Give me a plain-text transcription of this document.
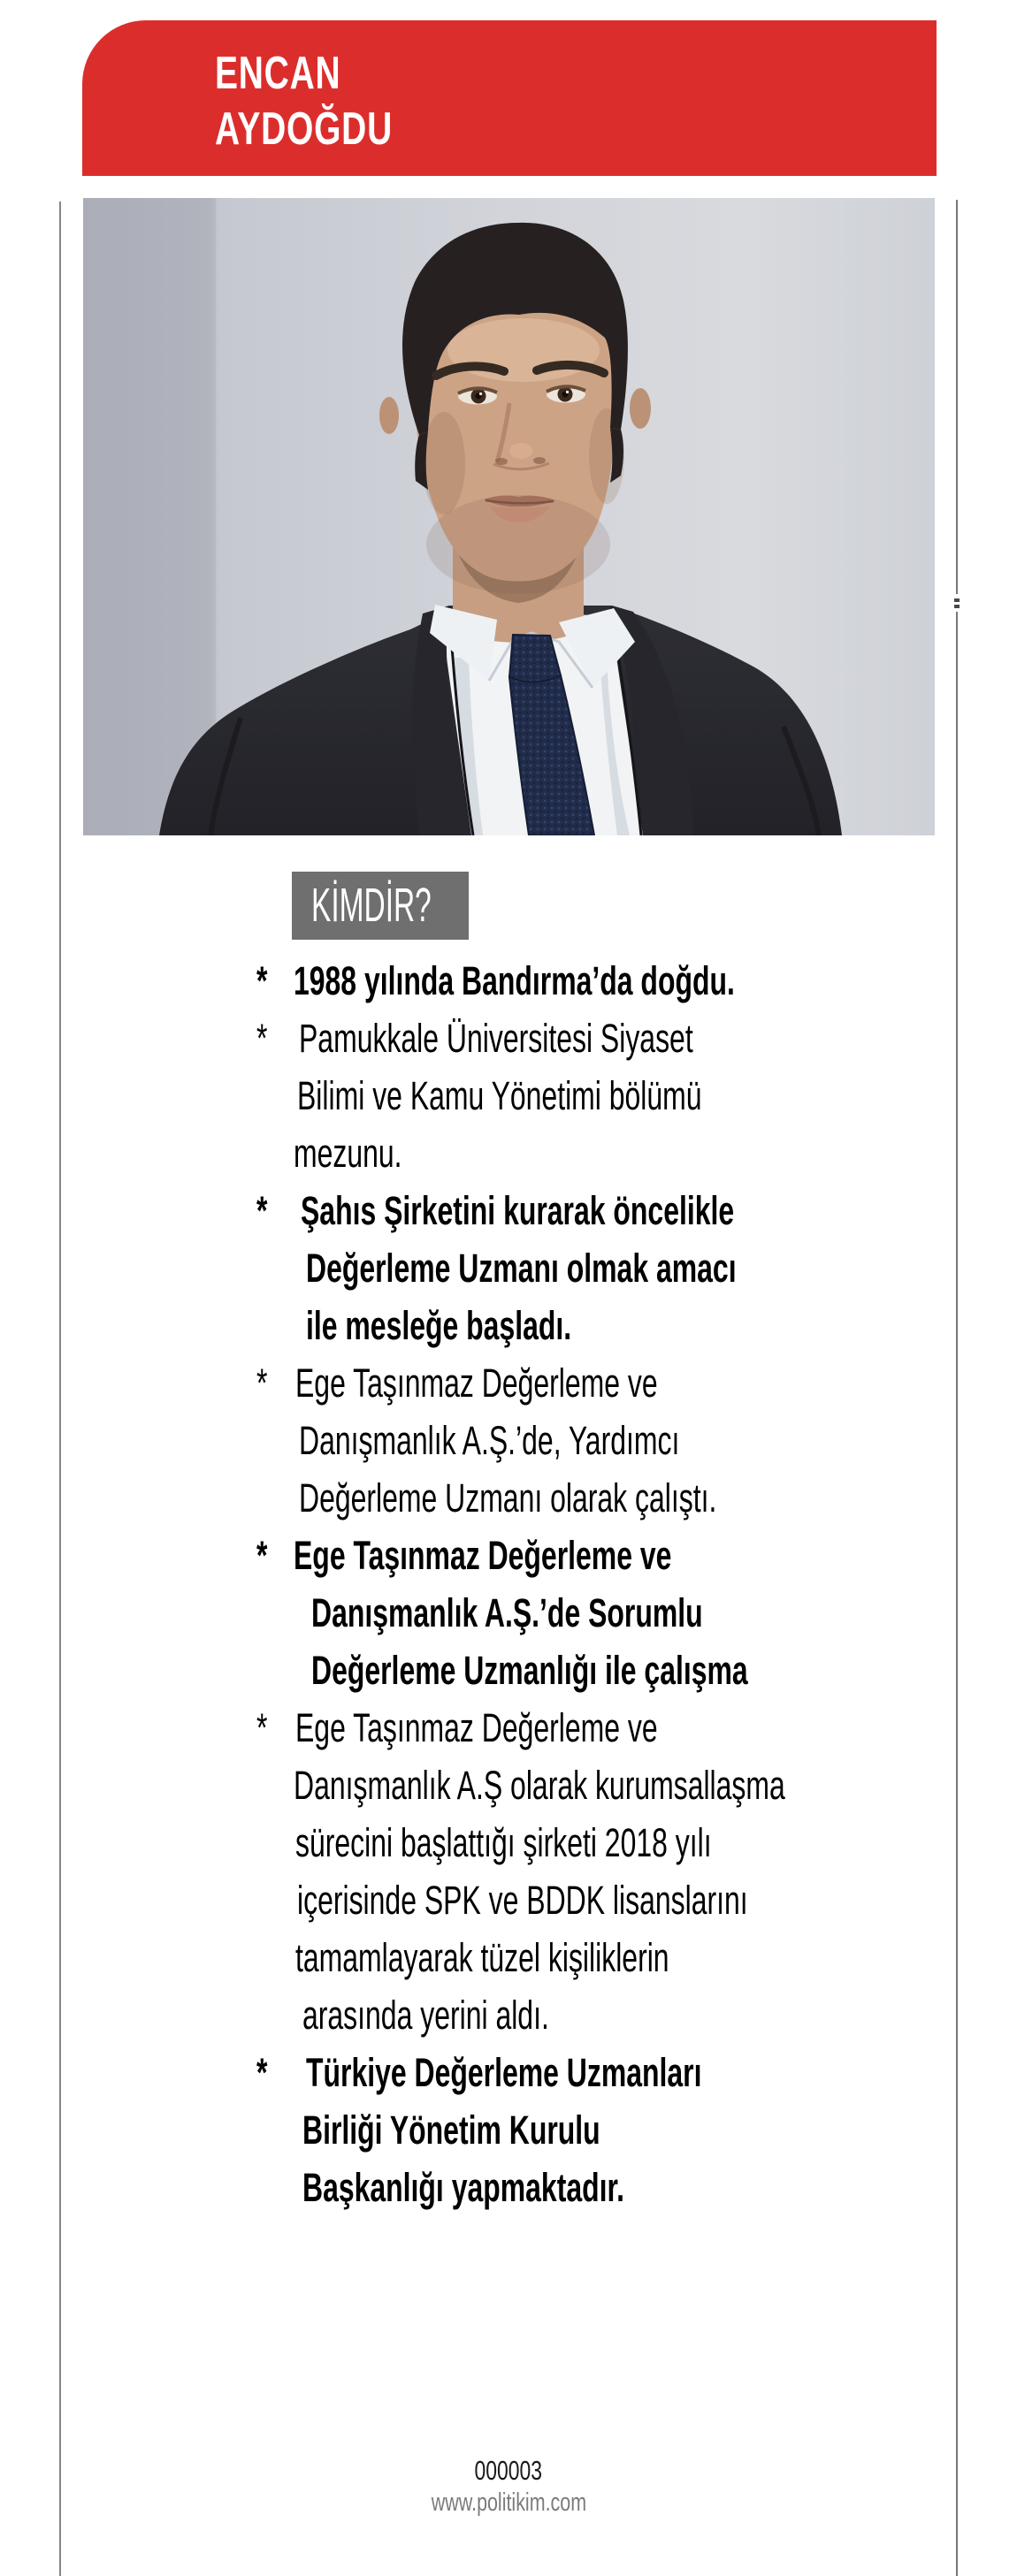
ENCAN
AYDOĞDU
KİMDİR?
* 1988 yılında Bandırma’da doğdu.
* Pamukkale Üniversitesi Siyaset
Bilimi ve Kamu Yönetimi bölümü
mezunu.
* Şahıs Şirketini kurarak öncelikle
Değerleme Uzmanı olmak amacı
ile mesleğe başladı.
* Ege Taşınmaz Değerleme ve
Danışmanlık A.Ş.’de, Yardımcı
Değerleme Uzmanı olarak çalıştı.
* Ege Taşınmaz Değerleme ve
Danışmanlık A.Ş.’de Sorumlu
Değerleme Uzmanlığı ile çalışma
* Ege Taşınmaz Değerleme ve
Danışmanlık A.Ş olarak kurumsallaşma
sürecini başlattığı şirketi 2018 yılı
içerisinde SPK ve BDDK lisanslarını
tamamlayarak tüzel kişiliklerin
arasında yerini aldı.
* Türkiye Değerleme Uzmanları
Birliği Yönetim Kurulu
Başkanlığı yapmaktadır.
000003
www.politikim.com
